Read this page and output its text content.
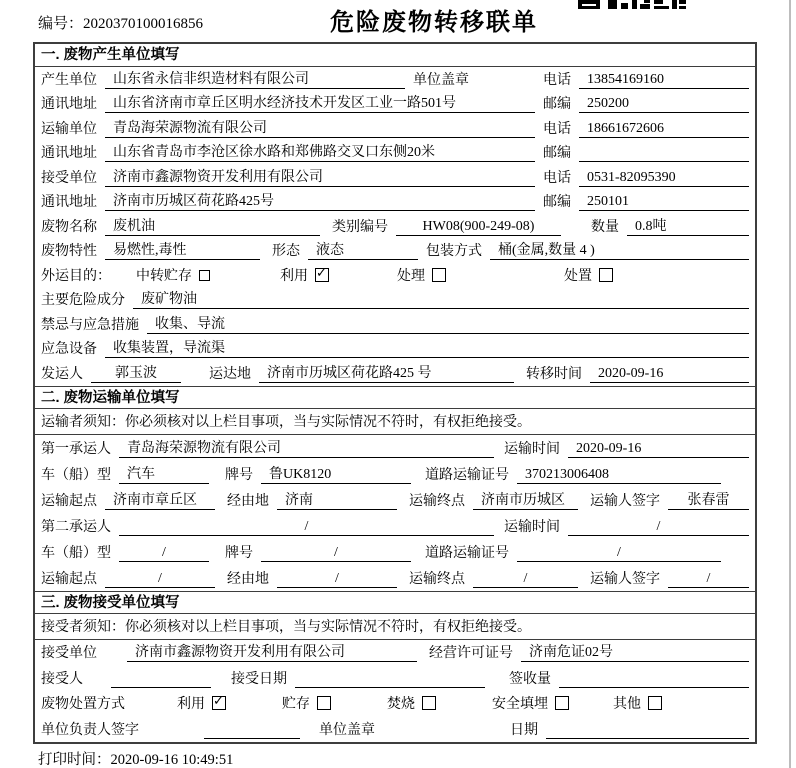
编号：2020370100016856	危险废物转移联单
一. 废物产生单位填写
产生单位	山东省永信非织造材料有限公司	单位盖章	电话	13854169160
通讯地址	山东省济南市章丘区明水经济技术开发区工业一路501号	邮编	250200
运输单位	青岛海荣源物流有限公司	电话	18661672606
通讯地址	山东省青岛市李沧区徐水路和郑佛路交叉口东侧20米	邮编
接受单位	济南市鑫源物资开发利用有限公司	电话	0531-82095390
通讯地址	济南市历城区荷花路425号	邮编	250101
废物名称	废机油	类别编号	HW08(900-249-08)	数量	0.8吨
废物特性	易燃性,毒性	形态	液态	包装方式	桶(金属,数量 4 )
外运目的： 中转贮存	利用 ✓	处理	处置
主要危险成分	废矿物油
禁忌与应急措施	收集、导流
应急设备	收集装置，导流渠
发运人	郭玉波	运达地	济南市历城区荷花路425 号	转移时间	2020-09-16
二. 废物运输单位填写
运输者须知：你必须核对以上栏目事项，当与实际情况不符时，有权拒绝接受。
第一承运人	青岛海荣源物流有限公司	运输时间	2020-09-16
车（船）型	汽车	牌号	鲁UK8120	道路运输证号	370213006408
运输起点	济南市章丘区	经由地	济南	运输终点	济南市历城区	运输人签字	张春雷
第二承运人	/	运输时间	/
车（船）型	/	牌号	/	道路运输证号	/
运输起点	/	经由地	/	运输终点	/	运输人签字	/
三. 废物接受单位填写
接受者须知：你必须核对以上栏目事项，当与实际情况不符时，有权拒绝接受。
接受单位	济南市鑫源物资开发利用有限公司	经营许可证号	济南危证02号
接受人	接受日期	签收量
废物处置方式	利用 ✓	贮存	焚烧	安全填埋	其他
单位负责人签字	单位盖章	日期
打印时间：2020-09-16 10:49:51
